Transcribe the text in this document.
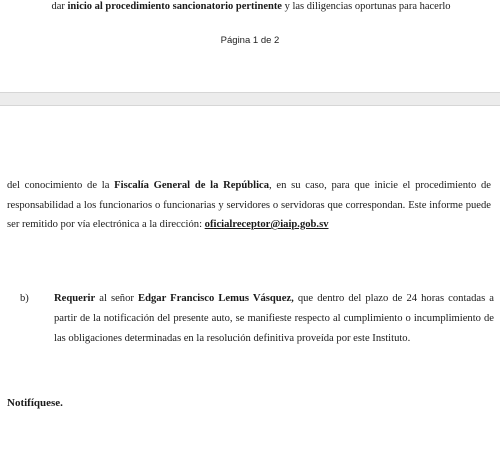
dar inicio al procedimiento sancionatorio pertinente y las diligencias oportunas para hacerlo
Página 1 de 2
del conocimiento de la Fiscalía General de la República, en su caso, para que inicie el procedimiento de responsabilidad a los funcionarios o funcionarias y servidores o servidoras que correspondan. Este informe puede ser remitido por vía electrónica a la dirección: oficialreceptor@iaip.gob.sv
b)	Requerir al señor Edgar Francisco Lemus Vásquez, que dentro del plazo de 24 horas contadas a partir de la notificación del presente auto, se manifieste respecto al cumplimiento o incumplimiento de las obligaciones determinadas en la resolución definitiva proveída por este Instituto.
Notifíquese.
